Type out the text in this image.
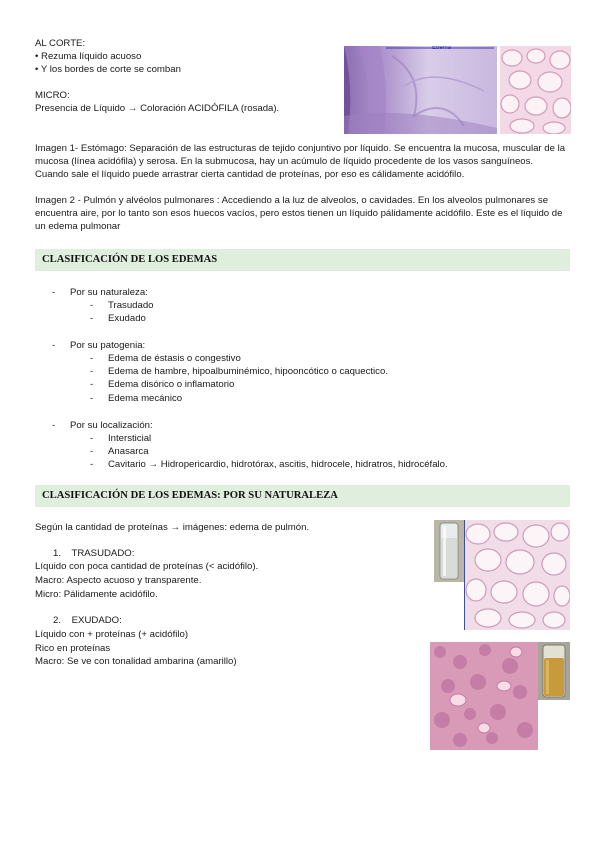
AL CORTE:

• Rezuma líquido acuoso

• Y los bordes de corte se comban

MICRO:

Presencia de Líquido → Coloración ACIDÓFILA (rosada).

Edema

Imagen 1- Estómago: Separación de las estructuras de tejido conjuntivo por líquido. Se encuentra la mucosa, muscular de la mucosa (línea acidófila) y serosa. En la submucosa, hay un acúmulo de líquido procedente de los vasos sanguíneos. Cuando sale el líquido puede arrastrar cierta cantidad de proteínas, por eso es cálidamente acidófilo.

Imagen 2 - Pulmón y alvéolos pulmonares : Accediendo a la luz de alveolos, o cavidades. En los alveolos pulmonares se encuentra aire, por lo tanto son esos huecos vacíos, pero estos tienen un líquido pálidamente acidófilo. Este es el líquido de un edema pulmonar

CLASIFICACIÓN DE LOS EDEMAS
- Por su naturaleza:
- Trasudado
- Exudado
- Por su patogenia:
- Edema de éstasis o congestivo
- Edema de hambre, hipoalbuminémico, hipooncótico o caquectico.
- Edema disórico o inflamatorio
- Edema mecánico
- Por su localización:
- Intersticial
- Anasarca
- Cavitario → Hidropericardio, hidrotórax, ascitis, hidrocele, hidratros, hidrocéfalo.
CLASIFICACIÓN DE LOS EDEMAS: POR SU NATURALEZA

Según la cantidad de proteínas → imágenes: edema de pulmón.

1.    TRASUDADO:

Líquido con poca cantidad de proteínas (< acidófilo).

Macro: Aspecto acuoso y transparente.

Micro: Pálidamente acidófilo.

2.    EXUDADO:

Líquido con + proteínas (+ acidófilo)

Rico en proteínas

Macro: Se ve con tonalidad ambarina (amarillo)
